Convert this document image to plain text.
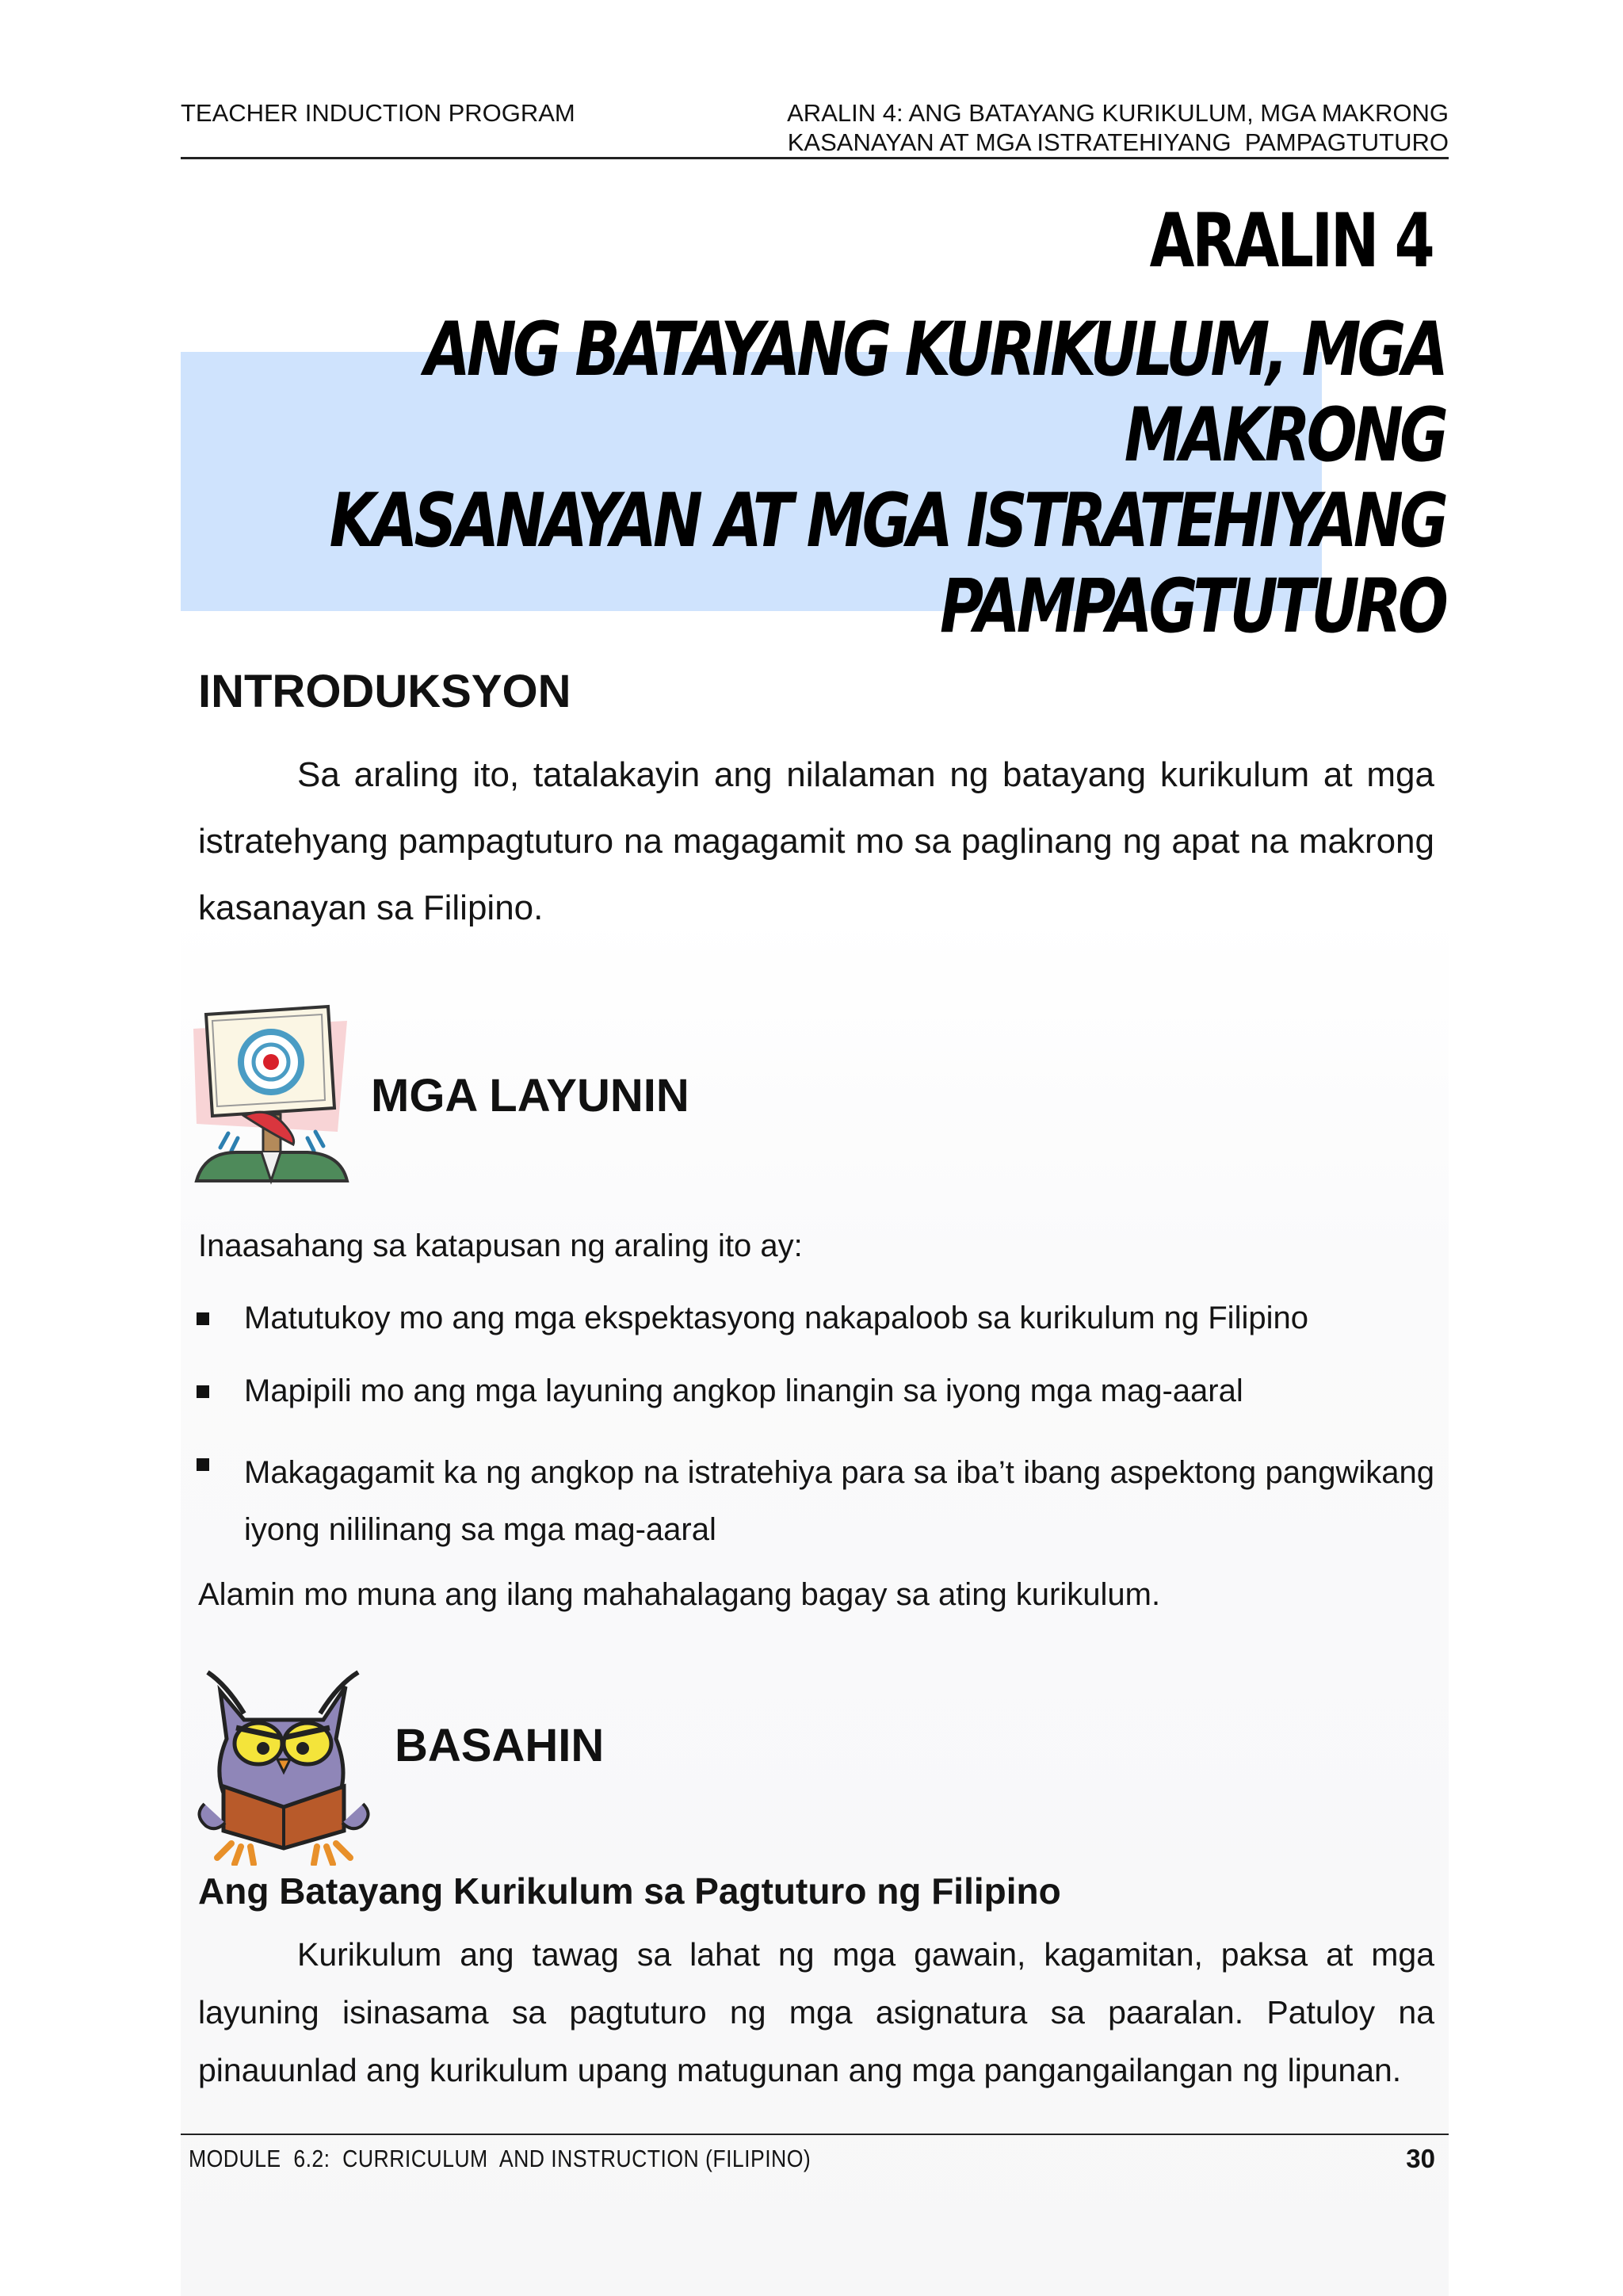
TEACHER INDUCTION PROGRAM	ARALIN 4: ANG BATAYANG KURIKULUM, MGA MAKRONG
KASANAYAN AT MGA ISTRATEHIYANG  PAMPAGTUTURO
ARALIN 4
ANG BATAYANG KURIKULUM, MGA MAKRONG
KASANAYAN AT MGA ISTRATEHIYANG
PAMPAGTUTURO
INTRODUKSYON
Sa araling ito, tatalakayin ang nilalaman ng batayang kurikulum at mga istratehyang pampagtuturo na magagamit mo sa paglinang ng apat na makrong kasanayan sa Filipino.
MGA LAYUNIN
Inaasahang sa katapusan ng araling ito ay:
Matutukoy mo ang mga ekspektasyong nakapaloob sa kurikulum ng Filipino
Mapipili mo ang mga layuning angkop linangin sa iyong mga mag-aaral
Makagagamit ka ng angkop na istratehiya para sa iba’t ibang aspektong pangwikang iyong nililinang sa mga mag-aaral
Alamin mo muna ang ilang mahahalagang bagay sa ating kurikulum.
BASAHIN
Ang Batayang Kurikulum sa Pagtuturo ng Filipino
Kurikulum ang tawag sa lahat ng mga gawain, kagamitan, paksa at mga layuning isinasama sa pagtuturo ng mga asignatura sa paaralan. Patuloy na pinauunlad ang kurikulum upang matugunan ang mga pangangailangan ng lipunan.
MODULE  6.2:  CURRICULUM  AND INSTRUCTION (FILIPINO)	30
